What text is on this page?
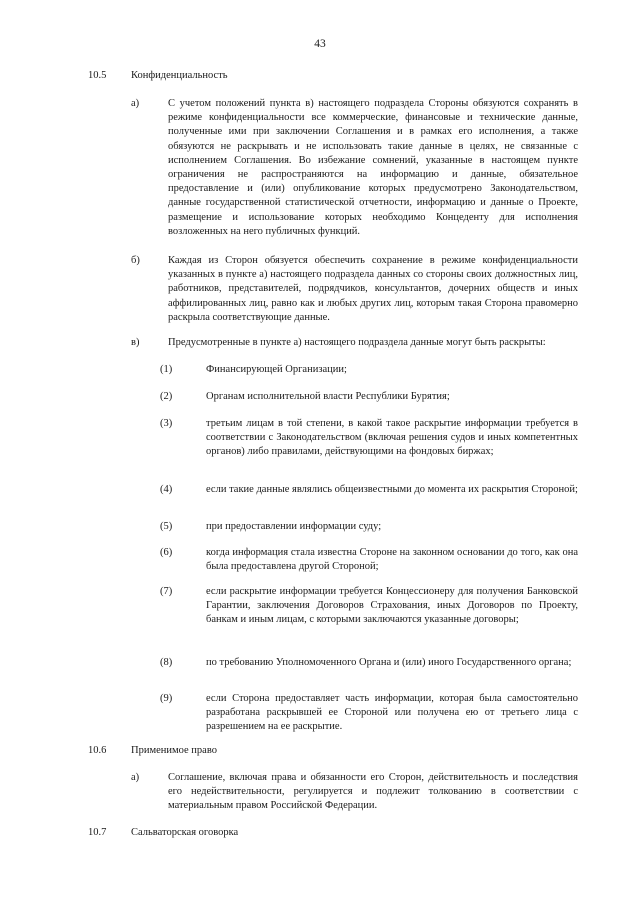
43
10.5 Конфиденциальность
а)	С учетом положений пункта в) настоящего подраздела Стороны обязуются сохранять в режиме конфиденциальности все коммерческие, финансовые и технические данные, полученные ими при заключении Соглашения и в рамках его исполнения, а также обязуются не раскрывать и не использовать такие данные в целях, не связанные с исполнением Соглашения. Во избежание сомнений, указанные в настоящем пункте ограничения не распространяются на информацию и данные, обязательное предоставление и (или) опубликование которых предусмотрено Законодательством, данные государственной статистической отчетности, информацию и данные о Проекте, размещение и использование которых необходимо Концеденту для исполнения возложенных на него публичных функций.
б)	Каждая из Сторон обязуется обеспечить сохранение в режиме конфиденциальности указанных в пункте а) настоящего подраздела данных со стороны своих должностных лиц, работников, представителей, подрядчиков, консультантов, дочерних обществ и иных аффилированных лиц, равно как и любых других лиц, которым такая Сторона правомерно раскрыла соответствующие данные.
в)	Предусмотренные в пункте а) настоящего подраздела данные могут быть раскрыты:
(1)	Финансирующей Организации;
(2)	Органам исполнительной власти Республики Бурятия;
(3)	третьим лицам в той степени, в какой такое раскрытие информации требуется в соответствии с Законодательством (включая решения судов и иных компетентных органов) либо правилами, действующими на фондовых биржах;
(4)	если такие данные являлись общеизвестными до момента их раскрытия Стороной;
(5)	при предоставлении информации суду;
(6)	когда информация стала известна Стороне на законном основании до того, как она была предоставлена другой Стороной;
(7)	если раскрытие информации требуется Концессионеру для получения Банковской Гарантии, заключения Договоров Страхования, иных Договоров по Проекту, банкам и иным лицам, с которыми заключаются указанные договоры;
(8)	по требованию Уполномоченного Органа и (или) иного Государственного органа;
(9)	если Сторона предоставляет часть информации, которая была самостоятельно разработана раскрывшей ее Стороной или получена ею от третьего лица с разрешением на ее раскрытие.
10.6 Применимое право
а)	Соглашение, включая права и обязанности его Сторон, действительность и последствия его недействительности, регулируется и подлежит толкованию в соответствии с материальным правом Российской Федерации.
10.7 Сальваторская оговорка
